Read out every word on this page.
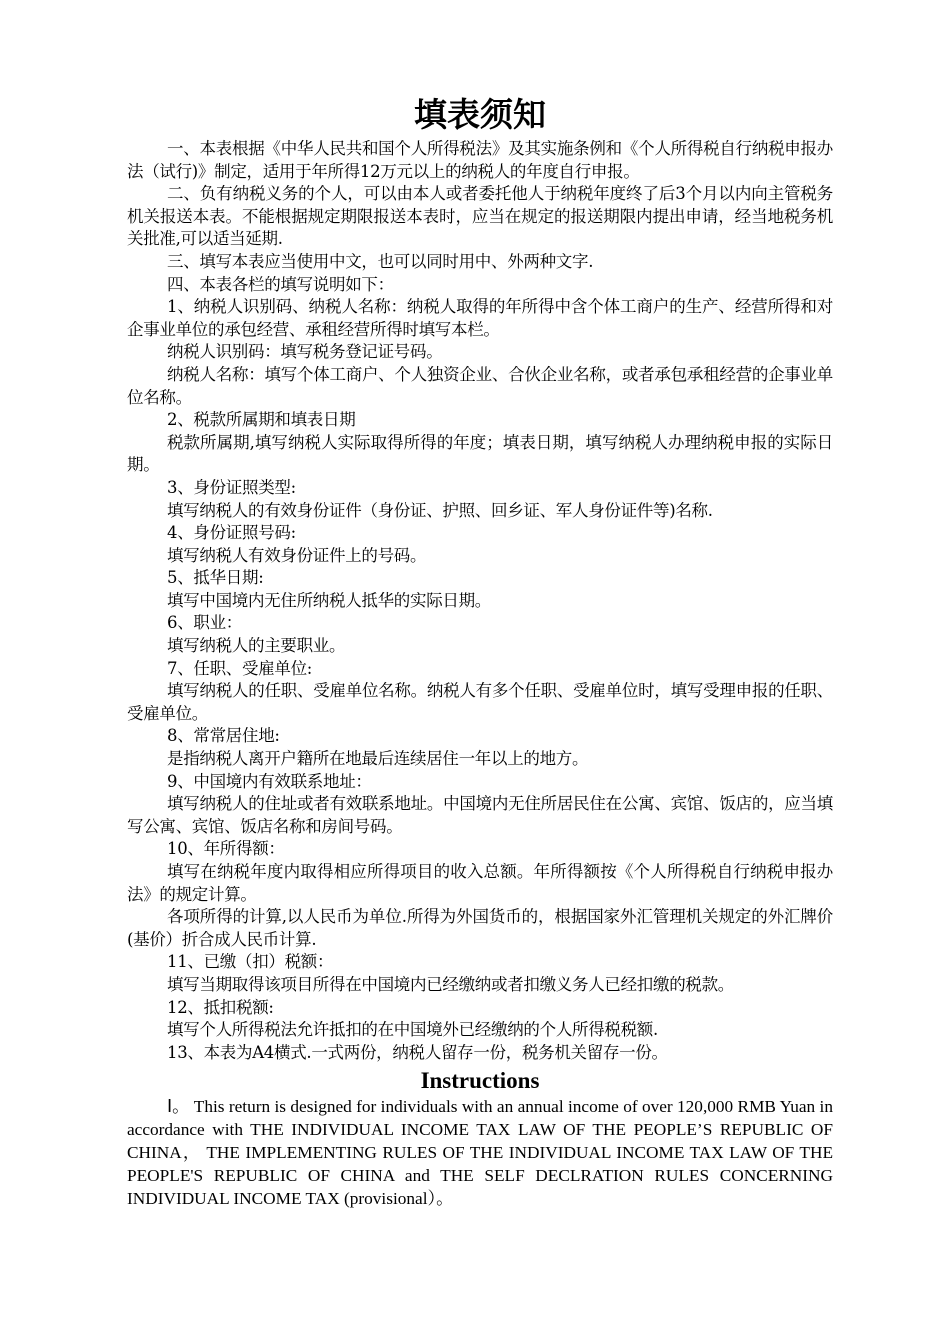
填表须知

一、本表根据《中华人民共和国个人所得税法》及其实施条例和《个人所得税自行纳税申报办法（试行)》制定，适用于年所得12万元以上的纳税人的年度自行申报。

二、负有纳税义务的个人，可以由本人或者委托他人于纳税年度终了后3个月以内向主管税务机关报送本表。不能根据规定期限报送本表时，应当在规定的报送期限内提出申请，经当地税务机关批准,可以适当延期.

三、填写本表应当使用中文，也可以同时用中、外两种文字.

四、本表各栏的填写说明如下：

1、纳税人识别码、纳税人名称：纳税人取得的年所得中含个体工商户的生产、经营所得和对企事业单位的承包经营、承租经营所得时填写本栏。

纳税人识别码：填写税务登记证号码。

纳税人名称：填写个体工商户、个人独资企业、合伙企业名称，或者承包承租经营的企事业单位名称。

2、税款所属期和填表日期

税款所属期,填写纳税人实际取得所得的年度；填表日期，填写纳税人办理纳税申报的实际日期。

3、身份证照类型:

填写纳税人的有效身份证件（身份证、护照、回乡证、军人身份证件等)名称.

4、身份证照号码:

填写纳税人有效身份证件上的号码。

5、抵华日期:

填写中国境内无住所纳税人抵华的实际日期。

6、职业：

填写纳税人的主要职业。

7、任职、受雇单位:

填写纳税人的任职、受雇单位名称。纳税人有多个任职、受雇单位时，填写受理申报的任职、受雇单位。

8、常常居住地:

是指纳税人离开户籍所在地最后连续居住一年以上的地方。

9、中国境内有效联系地址：

填写纳税人的住址或者有效联系地址。中国境内无住所居民住在公寓、宾馆、饭店的，应当填写公寓、宾馆、饭店名称和房间号码。

10、年所得额：

填写在纳税年度内取得相应所得项目的收入总额。年所得额按《个人所得税自行纳税申报办法》的规定计算。

各项所得的计算,以人民币为单位.所得为外国货币的，根据国家外汇管理机关规定的外汇牌价(基价）折合成人民币计算.

11、已缴（扣）税额：

填写当期取得该项目所得在中国境内已经缴纳或者扣缴义务人已经扣缴的税款。

12、抵扣税额:

填写个人所得税法允许抵扣的在中国境外已经缴纳的个人所得税税额.

13、本表为A4横式.一式两份，纳税人留存一份，税务机关留存一份。

Instructions

Ⅰ。 This return is designed for individuals with an annual income of over 120,000 RMB Yuan in accordance with THE INDIVIDUAL INCOME TAX LAW OF THE PEOPLE’S REPUBLIC OF CHINA， THE IMPLEMENTING RULES OF THE INDIVIDUAL INCOME TAX LAW OF THE PEOPLE'S REPUBLIC OF CHINA and THE SELF DECLRATION RULES CONCERNING INDIVIDUAL INCOME TAX (provisional）。
